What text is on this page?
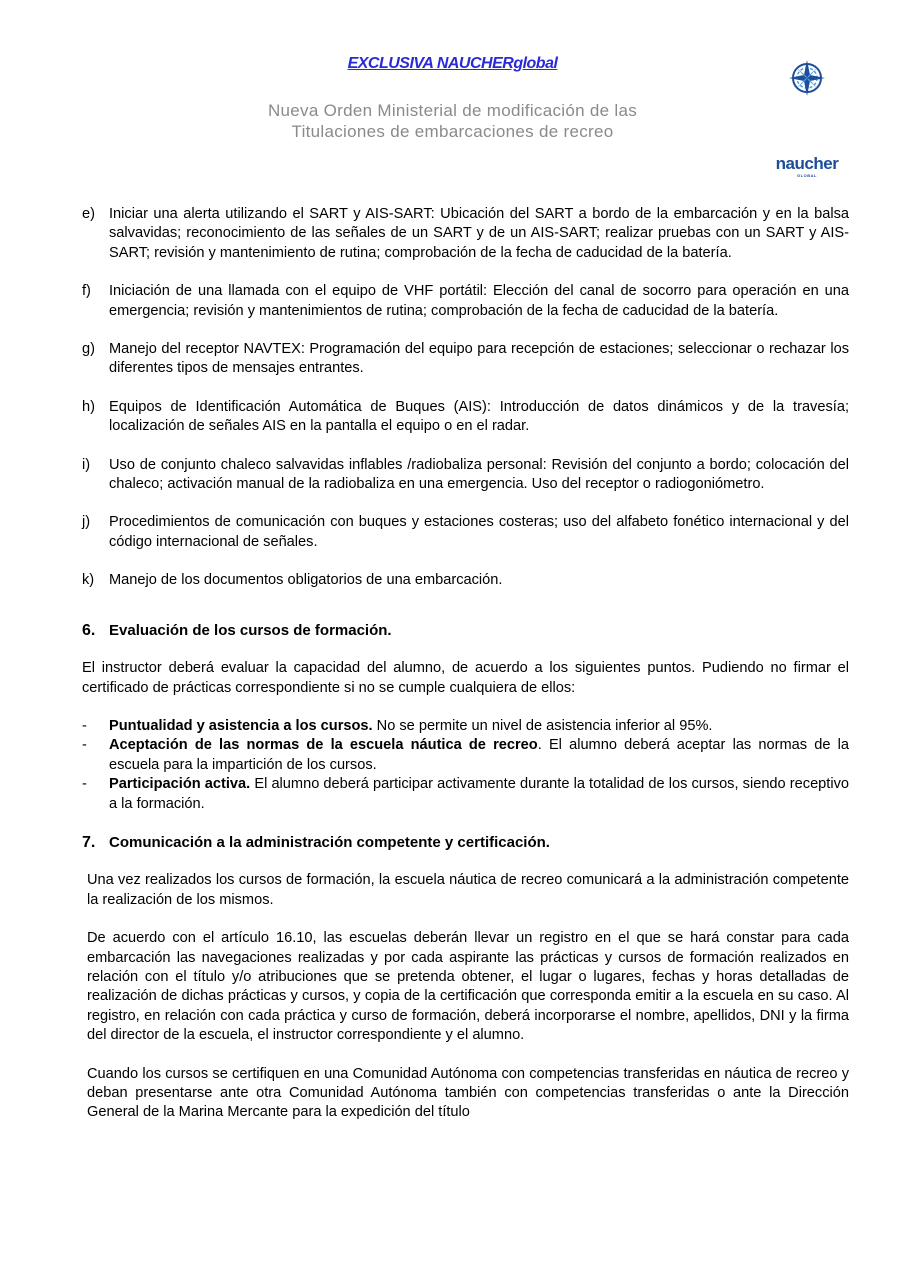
EXCLUSIVA NAUCHERglobal
Nueva Orden Ministerial de modificación de las
Titulaciones de embarcaciones de recreo
naucher
GLOBAL
e) Iniciar una alerta utilizando el SART y AIS-SART: Ubicación del SART a bordo de la embarcación y en la balsa salvavidas; reconocimiento de las señales de un SART y de un AIS-SART; realizar pruebas con un SART y AIS-SART; revisión y mantenimiento de rutina; comprobación de la fecha de caducidad de la batería.
f)	Iniciación de una llamada con el equipo de VHF portátil: Elección del canal de socorro para operación en una emergencia; revisión y mantenimientos de rutina; comprobación de la fecha de caducidad de la batería.
g) Manejo del receptor NAVTEX: Programación del equipo para recepción de estaciones; seleccionar o rechazar los diferentes tipos de mensajes entrantes.
h) Equipos de Identificación Automática de Buques (AIS): Introducción de datos dinámicos y de la travesía; localización de señales AIS en la pantalla el equipo o en el radar.
i)	Uso de conjunto chaleco salvavidas inflables /radiobaliza personal: Revisión del conjunto a bordo; colocación del chaleco; activación manual de la radiobaliza en una emergencia. Uso del receptor o radiogoniómetro.
j)	Procedimientos de comunicación con buques y estaciones costeras; uso del alfabeto fonético internacional y del código internacional de señales.
k)	Manejo de los documentos obligatorios de una embarcación.
6. Evaluación de los cursos de formación.

El instructor deberá evaluar la capacidad del alumno, de acuerdo a los siguientes puntos. Pudiendo no firmar el certificado de prácticas correspondiente si no se cumple cualquiera de ellos:

-	Puntualidad y asistencia a los cursos. No se permite un nivel de asistencia inferior al 95%.
-	Aceptación de las normas de la escuela náutica de recreo. El alumno deberá aceptar las normas de la escuela para la impartición de los cursos.
-	Participación activa. El alumno deberá participar activamente durante la totalidad de los cursos, siendo receptivo a la formación.
7. Comunicación a la administración competente y certificación.

Una vez realizados los cursos de formación, la escuela náutica de recreo comunicará a la administración competente la realización de los mismos.

De acuerdo con el artículo 16.10, las escuelas deberán llevar un registro en el que se hará constar para cada embarcación las navegaciones realizadas y por cada aspirante las prácticas y cursos de formación realizados en relación con el título y/o atribuciones que se pretenda obtener, el lugar o lugares, fechas y horas detalladas de realización de dichas prácticas y cursos, y copia de la certificación que corresponda emitir a la escuela en su caso. Al registro, en relación con cada práctica y curso de formación, deberá incorporarse el nombre, apellidos, DNI y la firma del director de la escuela, el instructor correspondiente y el alumno.

Cuando los cursos se certifiquen en una Comunidad Autónoma con competencias transferidas en náutica de recreo y deban presentarse ante otra Comunidad Autónoma también con competencias transferidas o ante la Dirección General de la Marina Mercante para la expedición del título
